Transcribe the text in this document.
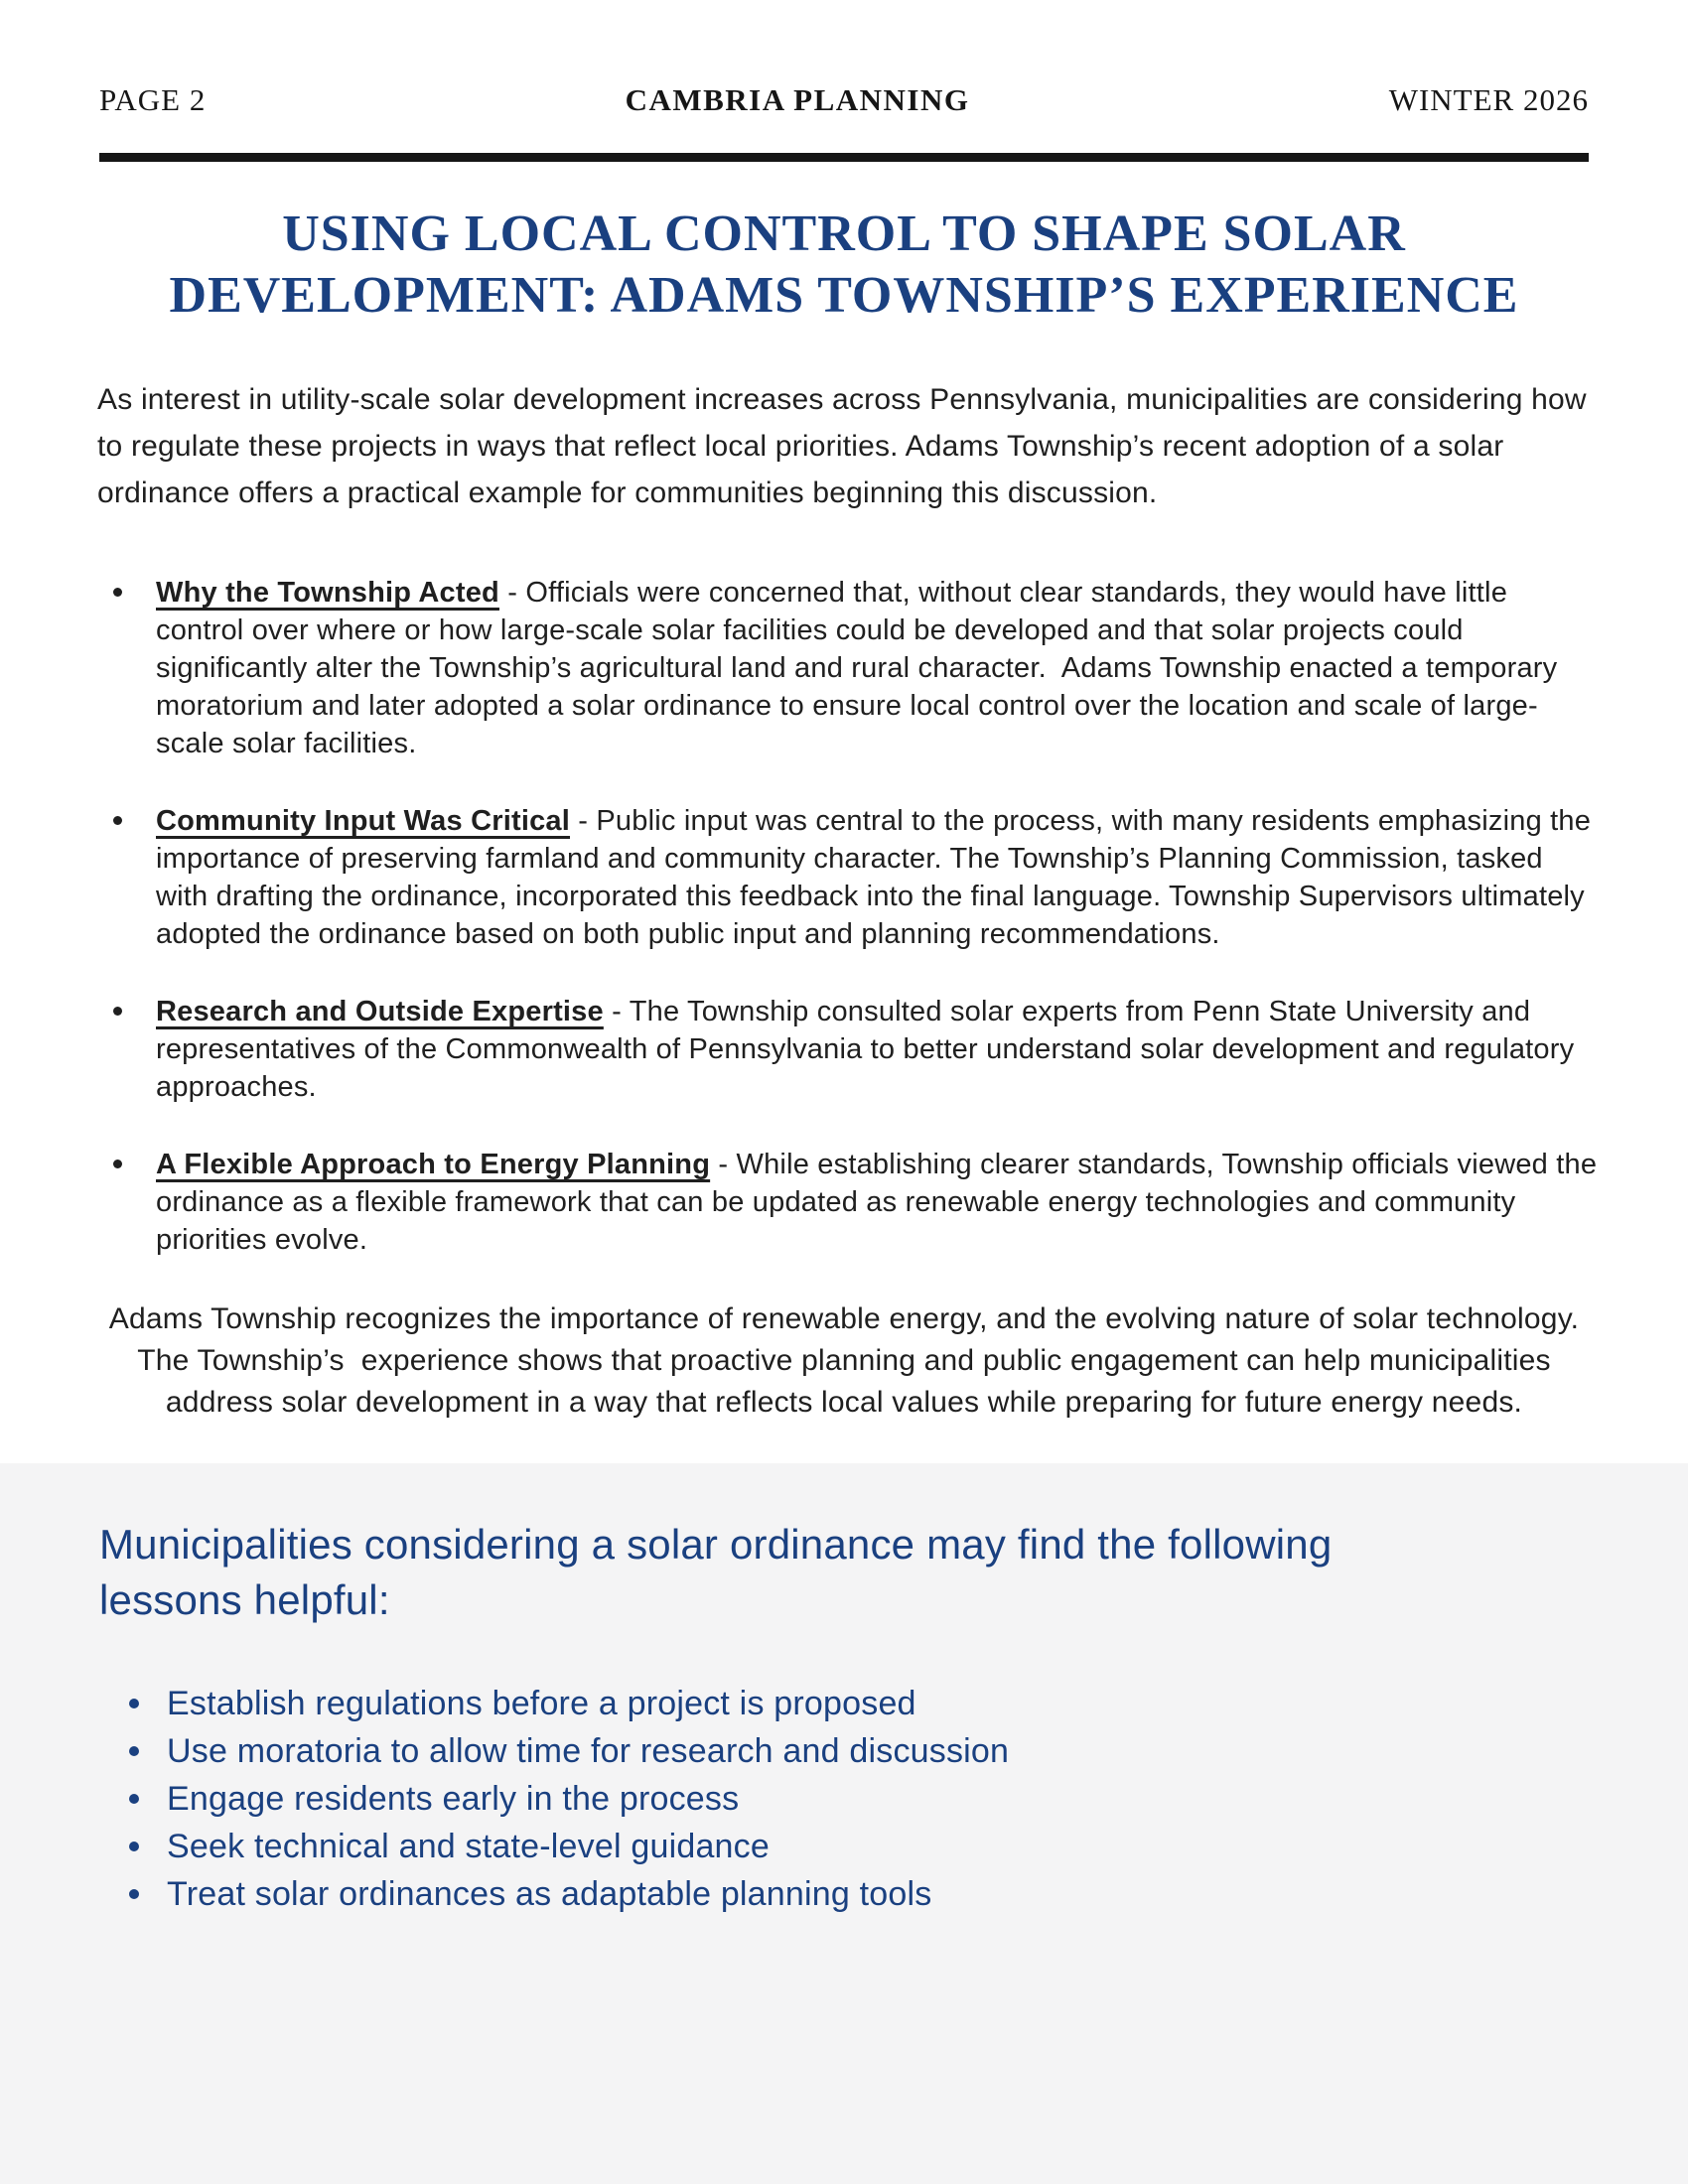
PAGE 2	CAMBRIA PLANNING	WINTER 2026
USING LOCAL CONTROL TO SHAPE SOLAR
DEVELOPMENT: ADAMS TOWNSHIP’S EXPERIENCE

As interest in utility-scale solar development increases across Pennsylvania, municipalities are considering how to regulate these projects in ways that reflect local priorities. Adams Township’s recent adoption of a solar ordinance offers a practical example for communities beginning this discussion.

Why the Township Acted - Officials were concerned that, without clear standards, they would have little control over where or how large-scale solar facilities could be developed and that solar projects could significantly alter the Township’s agricultural land and rural character.  Adams Township enacted a temporary moratorium and later adopted a solar ordinance to ensure local control over the location and scale of large-scale solar facilities.
Community Input Was Critical - Public input was central to the process, with many residents emphasizing the importance of preserving farmland and community character. The Township’s Planning Commission, tasked with drafting the ordinance, incorporated this feedback into the final language. Township Supervisors ultimately adopted the ordinance based on both public input and planning recommendations.
Research and Outside Expertise - The Township consulted solar experts from Penn State University and representatives of the Commonwealth of Pennsylvania to better understand solar development and regulatory approaches.
A Flexible Approach to Energy Planning - While establishing clearer standards, Township officials viewed the ordinance as a flexible framework that can be updated as renewable energy technologies and community priorities evolve.

Adams Township recognizes the importance of renewable energy, and the evolving nature of solar technology.  The Township’s  experience shows that proactive planning and public engagement can help municipalities address solar development in a way that reflects local values while preparing for future energy needs.

Municipalities considering a solar ordinance may find the following lessons helpful:
Establish regulations before a project is proposed
Use moratoria to allow time for research and discussion
Engage residents early in the process
Seek technical and state-level guidance
Treat solar ordinances as adaptable planning tools
